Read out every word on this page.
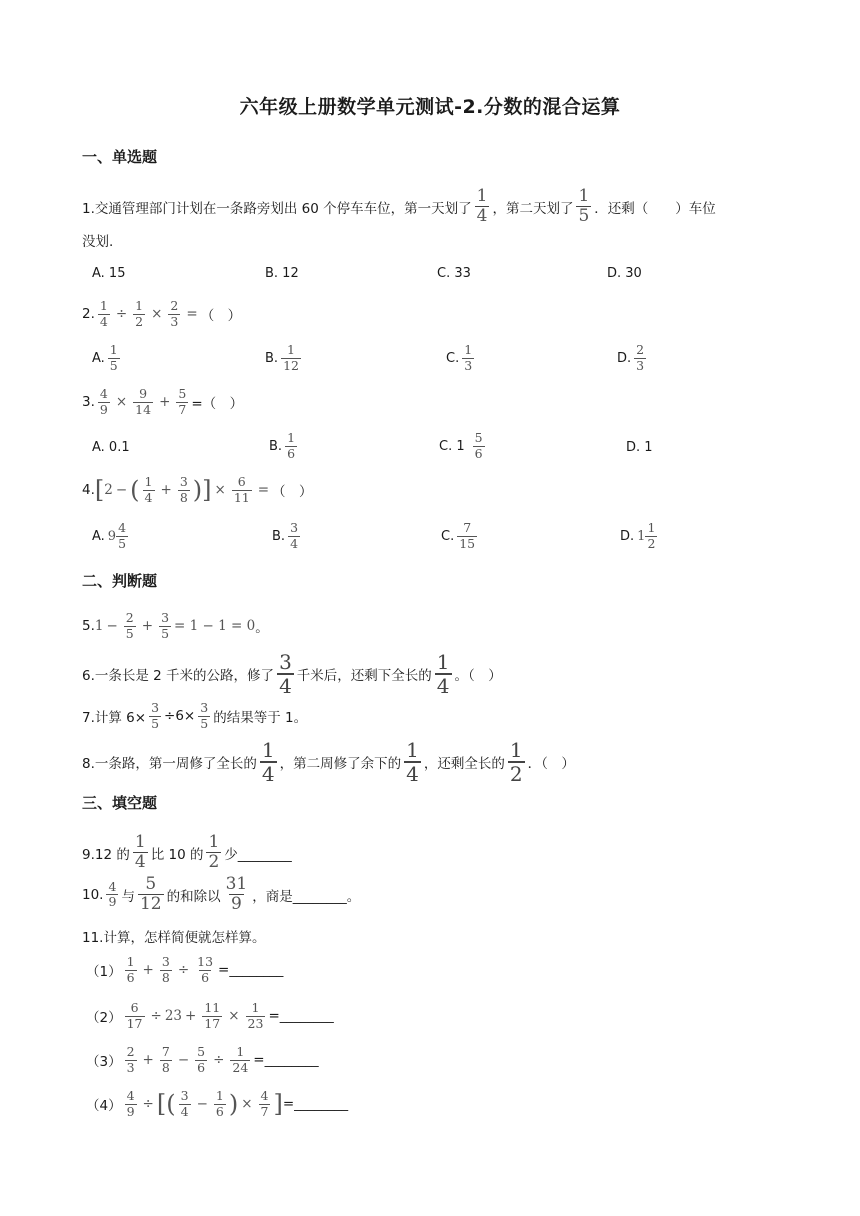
六年级上册数学单元测试-2.分数的混合运算
一、单选题
1.交通管理部门计划在一条路旁划出 60 个停车车位，第一天划了 $\frac{1}{4}$ ，第二天划了 $\frac{1}{5}$ ．还剩（　　）车位
没划.
A. 15	B. 12	C. 33	D. 30
2. $\frac{1}{4} \div \frac{1}{2} \times \frac{2}{3}$ = （　）
A. $\frac{1}{5}$	B. $\frac{1}{12}$	C. $\frac{1}{3}$	D. $\frac{2}{3}$
3. $\frac{4}{9} \times \frac{9}{14} + \frac{5}{7}$ =（　）
A. 0.1	B. $\frac{1}{6}$	C. $1 \frac{5}{6}$	D. 1
4. [ 2 − ( $\frac{1}{4} + \frac{3}{8}$ ) ] × $\frac{6}{11}$ = （　）
A. $9 \frac{4}{5}$	B. $\frac{3}{4}$	C. $\frac{7}{15}$	D. $1 \frac{1}{2}$
二、判断题
5. $1 - \frac{2}{5} + \frac{3}{5} = 1 - 1 = 0$ 。
6.一条长是 2 千米的公路，修了 $\frac{3}{4}$ 千米后，还剩下全长的 $\frac{1}{4}$ 。（　）
7.计算 $6\times \frac{3}{5} \div 6\times \frac{3}{5}$ 的结果等于 1。
8.一条路，第一周修了全长的 $\frac{1}{4}$ ，第二周修了余下的 $\frac{1}{4}$ ，还剩全长的 $\frac{1}{2}$ ．（　）
三、填空题
9.12 的 $\frac{1}{4}$ 比 10 的 $\frac{1}{2}$ 少________
10. $\frac{4}{9}$ 与 $\frac{5}{12}$ 的和除以 $\frac{31}{9}$ ，商是________。
11.计算，怎样简便就怎样算。
$(1) \frac{1}{6} + \frac{3}{8} \div \frac{13}{6}$ =________
$(2) \frac{6}{17} \div 23 + \frac{11}{17} \times \frac{1}{23}$ =________
$(3) \frac{2}{3} + \frac{7}{8} - \frac{5}{6} \div \frac{1}{24}$ =________
$(4) \frac{4}{9}$ ÷ [ ( $\frac{3}{4} - \frac{1}{6}$ ) × $\frac{4}{7}$ ] =________
